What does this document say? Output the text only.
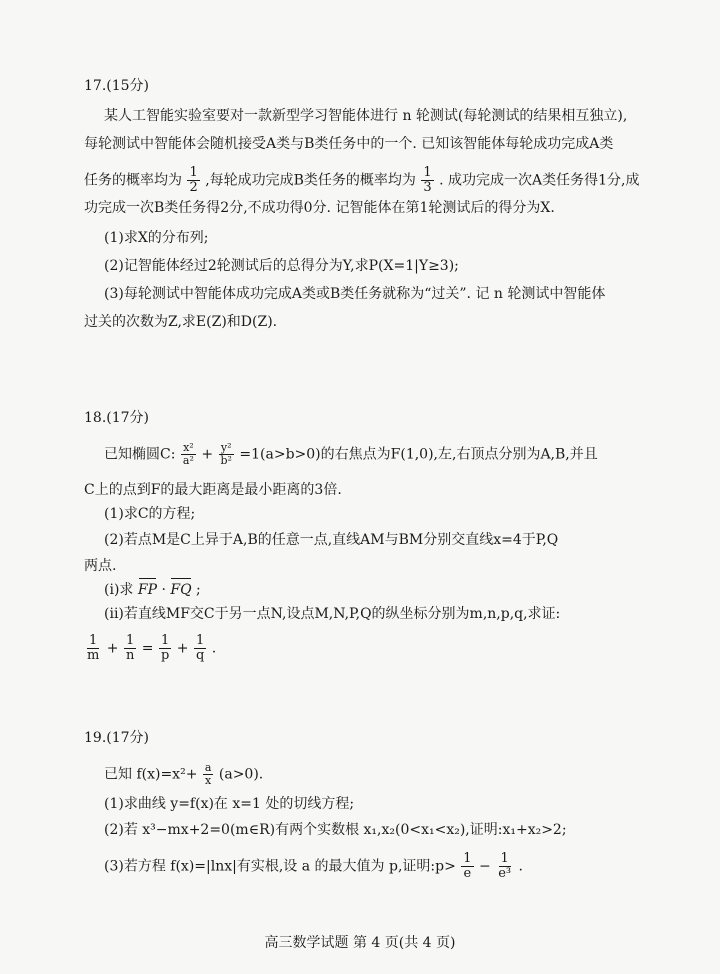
17.(15分)
某人工智能实验室要对一款新型学习智能体进行 n 轮测试(每轮测试的结果相互独立),
每轮测试中智能体会随机接受A类与B类任务中的一个. 已知该智能体每轮成功完成A类
任务的概率均为 $\frac{1}{2}$ ,每轮成功完成B类任务的概率均为 $\frac{1}{3}$ . 成功完成一次A类任务得1分,成
功完成一次B类任务得2分,不成功得0分. 记智能体在第1轮测试后的得分为X.
(1)求X的分布列;
(2)记智能体经过2轮测试后的总得分为Y,求P(X=1|Y≥3);
(3)每轮测试中智能体成功完成A类或B类任务就称为“过关”. 记 n 轮测试中智能体
过关的次数为Z,求E(Z)和D(Z).
18.(17分)
已知椭圆C: $\frac{\text{x²}}{\text{a²}} + \frac{\text{y²}}{\text{b²}} =1(a>b>0)$的右焦点为F(1,0),左,右顶点分别为A,B,并且
C上的点到F的最大距离是最小距离的3倍.
(1)求C的方程;
(2)若点M是C上异于A,B的任意一点,直线AM与BM分别交直线x=4于P,Q
两点.
(i)求 FP · FQ ;
(ii)若直线MF交C于另一点N,设点M,N,P,Q的纵坐标分别为m,n,p,q,求证:
$\frac{1}{m} + \frac{1}{n} = \frac{1}{p} + \frac{1}{q}$ .
19.(17分)
已知 $f(x)=x^2+ \frac{a}{x} (a>0)$.
(1)求曲线 y=f(x)在 x=1 处的切线方程;
(2)若 x³−mx+2=0(m∈R)有两个实数根 x₁,x₂(0<x₁<x₂),证明:x₁+x₂>2;
(3)若方程 f(x)=|lnx|有实根,设 a 的最大值为 p,证明:p> $\frac{1}{e} - \frac{1}{\text{e³}}$ .
高三数学试题 第 4 页(共 4 页)
